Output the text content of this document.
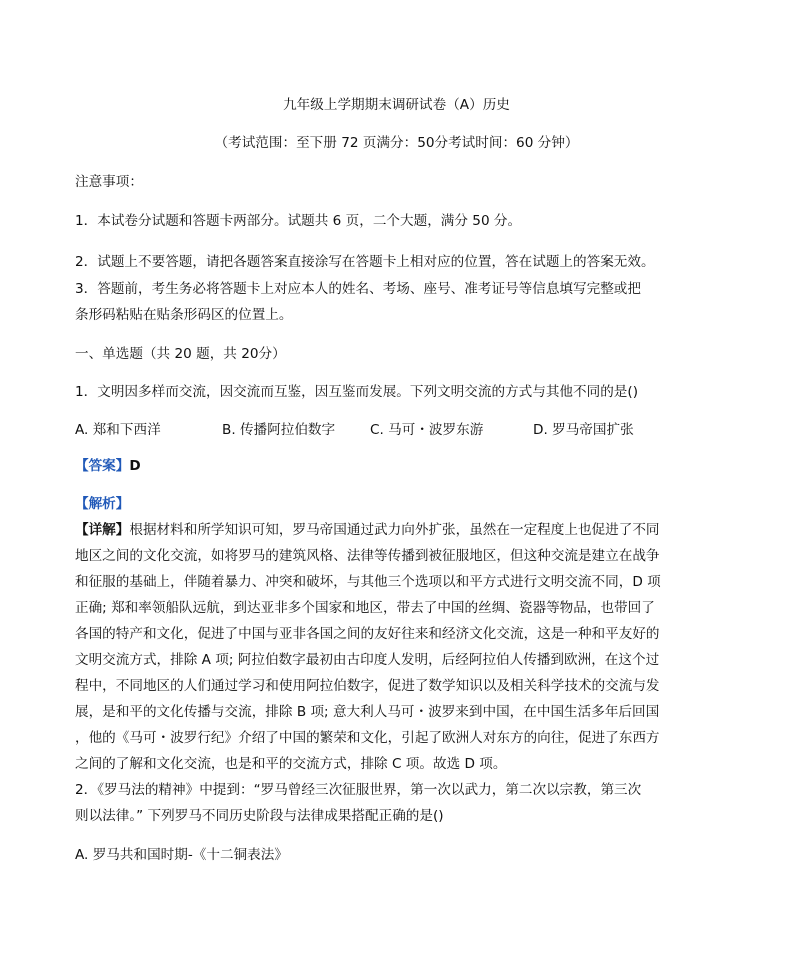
九年级上学期期末调研试卷（A）历史
（考试范围：至下册 72 页满分：50分考试时间：60 分钟）
注意事项：
1．本试卷分试题和答题卡两部分。试题共 6 页，二个大题，满分 50 分。
2．试题上不要答题，请把各题答案直接涂写在答题卡上相对应的位置，答在试题上的答案无效。
3．答题前，考生务必将答题卡上对应本人的姓名、考场、座号、准考证号等信息填写完整或把
条形码粘贴在贴条形码区的位置上。
一、单选题（共 20 题，共 20分）
1．文明因多样而交流，因交流而互鉴，因互鉴而发展。下列文明交流的方式与其他不同的是()
A. 郑和下西洋	B. 传播阿拉伯数字	C. 马可・波罗东游	D. 罗马帝国扩张
【答案】D
【解析】
【详解】根据材料和所学知识可知，罗马帝国通过武力向外扩张，虽然在一定程度上也促进了不同
地区之间的文化交流，如将罗马的建筑风格、法律等传播到被征服地区，但这种交流是建立在战争
和征服的基础上，伴随着暴力、冲突和破坏，与其他三个选项以和平方式进行文明交流不同，D 项
正确; 郑和率领船队远航，到达亚非多个国家和地区，带去了中国的丝绸、瓷器等物品，也带回了
各国的特产和文化，促进了中国与亚非各国之间的友好往来和经济文化交流，这是一种和平友好的
文明交流方式，排除 A 项; 阿拉伯数字最初由古印度人发明，后经阿拉伯人传播到欧洲，在这个过
程中，不同地区的人们通过学习和使用阿拉伯数字，促进了数学知识以及相关科学技术的交流与发
展，是和平的文化传播与交流，排除 B 项; 意大利人马可・波罗来到中国，在中国生活多年后回国
，他的《马可・波罗行纪》介绍了中国的繁荣和文化，引起了欧洲人对东方的向往，促进了东西方
之间的了解和文化交流，也是和平的交流方式，排除 C 项。故选 D 项。
2．《罗马法的精神》中提到：“罗马曾经三次征服世界，第一次以武力，第二次以宗教，第三次
则以法律。” 下列罗马不同历史阶段与法律成果搭配正确的是()
A. 罗马共和国时期-《十二铜表法》
